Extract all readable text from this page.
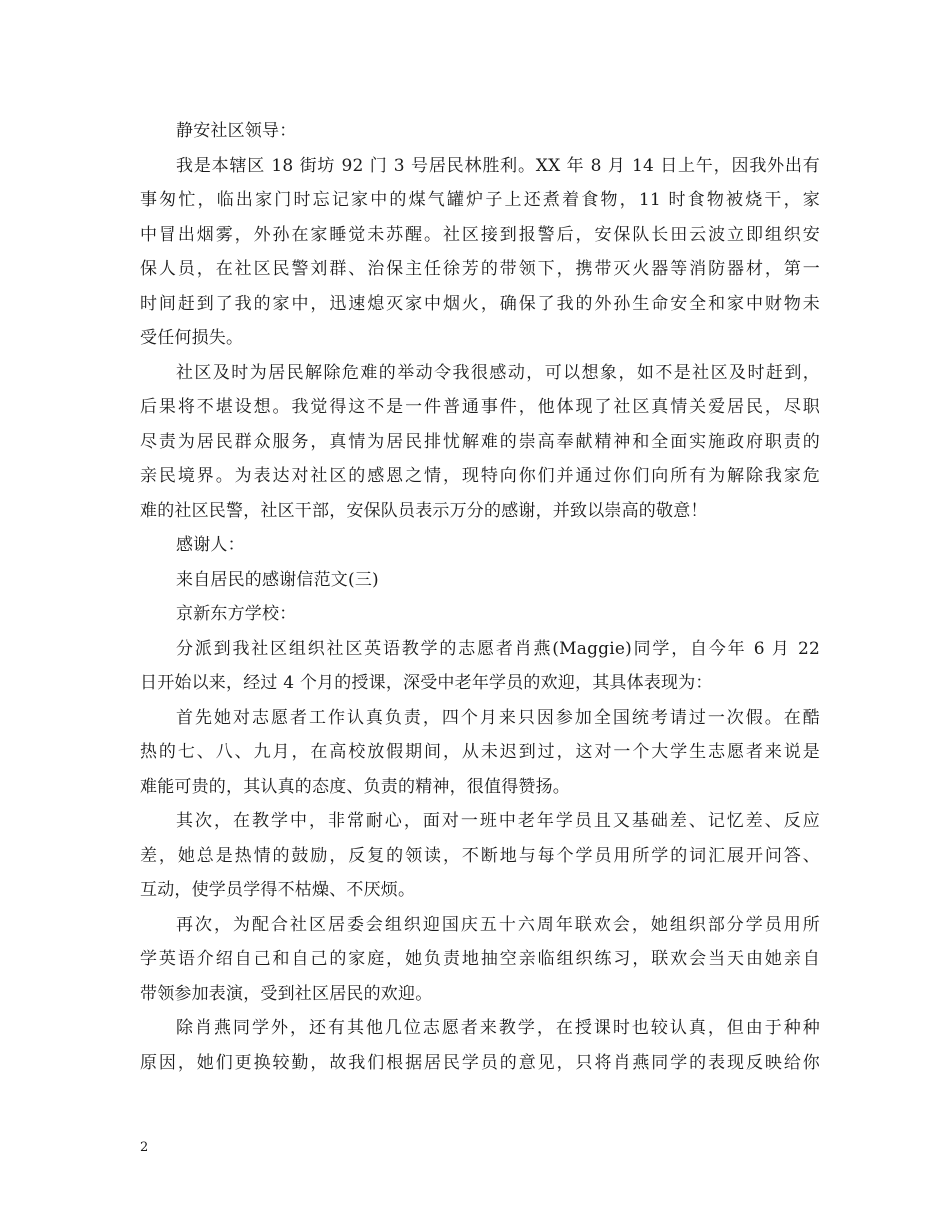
静安社区领导：
我是本辖区 18 街坊 92 门 3 号居民林胜利。XX 年 8 月 14 日上午，因我外出有
事匆忙，临出家门时忘记家中的煤气罐炉子上还煮着食物，11 时食物被烧干，家
中冒出烟雾，外孙在家睡觉未苏醒。社区接到报警后，安保队长田云波立即组织安
保人员，在社区民警刘群、治保主任徐芳的带领下，携带灭火器等消防器材，第一
时间赶到了我的家中，迅速熄灭家中烟火，确保了我的外孙生命安全和家中财物未
受任何损失。
社区及时为居民解除危难的举动令我很感动，可以想象，如不是社区及时赶到，
后果将不堪设想。我觉得这不是一件普通事件，他体现了社区真情关爱居民，尽职
尽责为居民群众服务，真情为居民排忧解难的崇高奉献精神和全面实施政府职责的
亲民境界。为表达对社区的感恩之情，现特向你们并通过你们向所有为解除我家危
难的社区民警，社区干部，安保队员表示万分的感谢，并致以崇高的敬意！
感谢人：
来自居民的感谢信范文(三)
京新东方学校：
分派到我社区组织社区英语教学的志愿者肖燕(Maggie)同学，自今年 6 月 22
日开始以来，经过 4 个月的授课，深受中老年学员的欢迎，其具体表现为：
首先她对志愿者工作认真负责，四个月来只因参加全国统考请过一次假。在酷
热的七、八、九月，在高校放假期间，从未迟到过，这对一个大学生志愿者来说是
难能可贵的，其认真的态度、负责的精神，很值得赞扬。
其次，在教学中，非常耐心，面对一班中老年学员且又基础差、记忆差、反应
差，她总是热情的鼓励，反复的领读，不断地与每个学员用所学的词汇展开问答、
互动，使学员学得不枯燥、不厌烦。
再次，为配合社区居委会组织迎国庆五十六周年联欢会，她组织部分学员用所
学英语介绍自己和自己的家庭，她负责地抽空亲临组织练习，联欢会当天由她亲自
带领参加表演，受到社区居民的欢迎。
除肖燕同学外，还有其他几位志愿者来教学，在授课时也较认真，但由于种种
原因，她们更换较勤，故我们根据居民学员的意见，只将肖燕同学的表现反映给你
2
